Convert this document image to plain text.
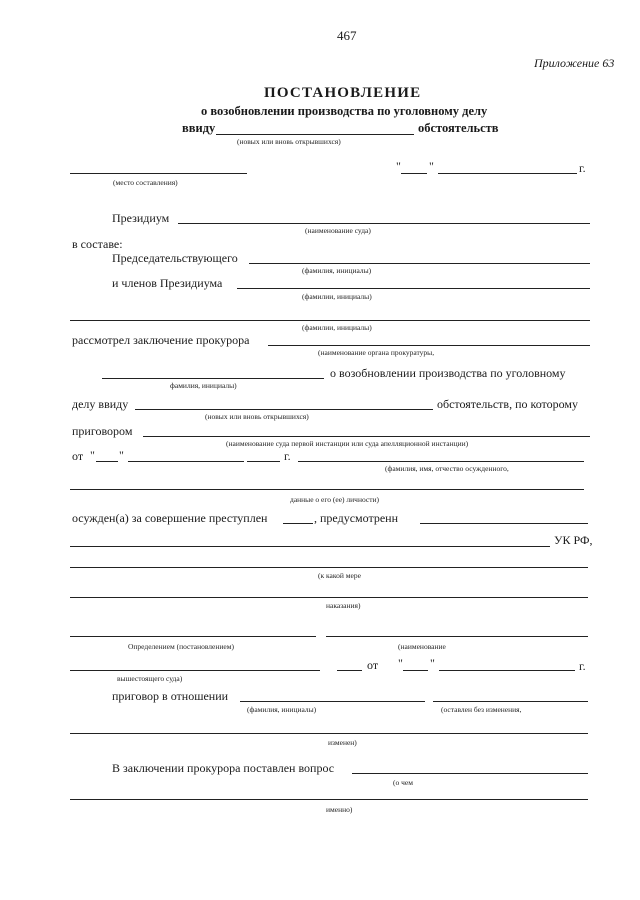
467
Приложение 63
ПОСТАНОВЛЕНИЕ
о возобновлении производства по уголовному делу
ввиду	обстоятельств
(новых или вновь открывшихся)
(место составления)
" "	г.
Президиум
(наименование суда)
в составе:
Председательствующего
(фамилия, инициалы)
и членов Президиума
(фамилии, инициалы)
(фамилии, инициалы)
рассмотрел заключение прокурора
(наименование органа прокуратуры,
о возобновлении производства по уголовному
фамилия, инициалы)
делу ввиду	обстоятельств, по которому
(новых или вновь открывшихся)
приговором
(наименование суда первой инстанции или суда апелляционной инстанции)
от " "	г.
(фамилия, имя, отчество осужденного,
данные о его (ее) личности)
осужден(а) за совершение преступлен	, предусмотренн
УК РФ,
(к какой мере
наказания)
Определением (постановлением)	(наименование
от " "	г.
вышестоящего суда)
приговор в отношении
(фамилия, инициалы)	(оставлен без изменения,
изменен)
В заключении прокурора поставлен вопрос
(о чем
именно)
